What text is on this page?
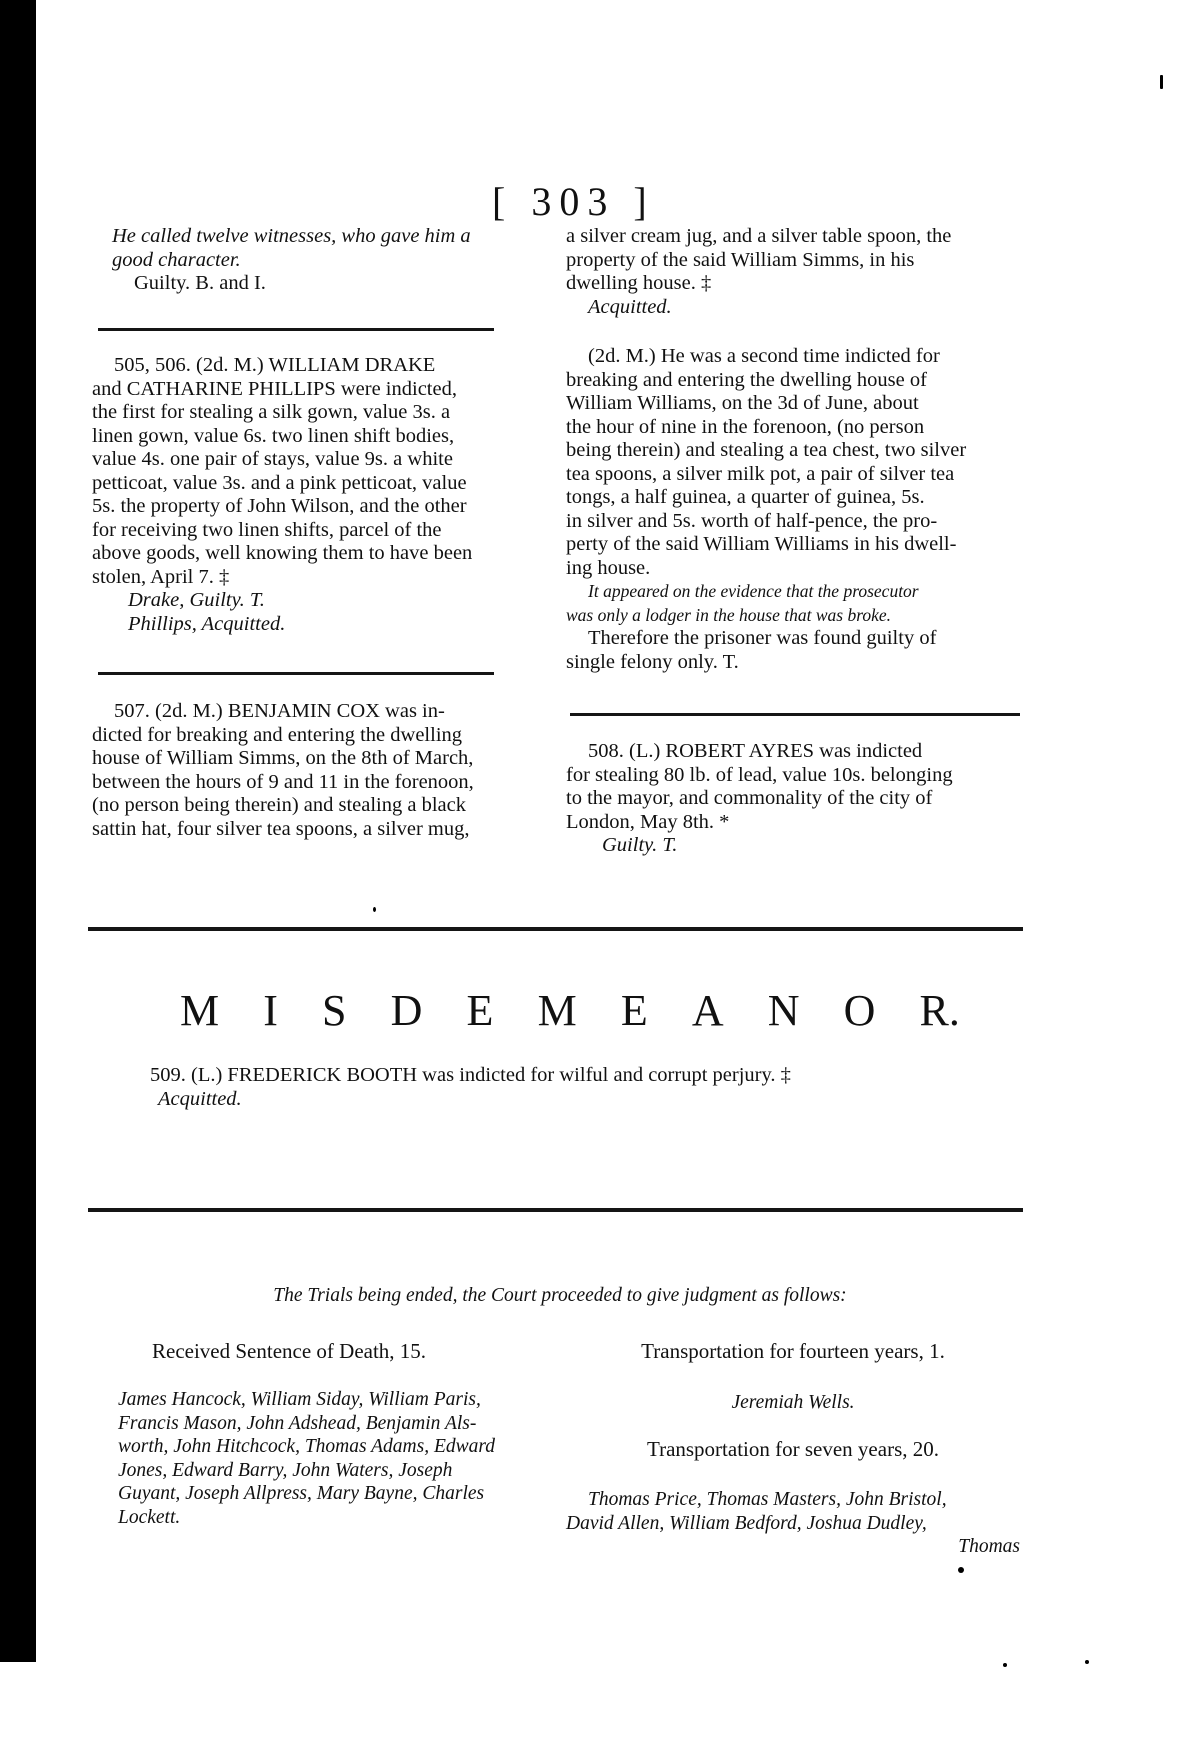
[ 303 ]

He called twelve witnesses, who gave him a

good character.

Guilty. B. and I.

505, 506. (2d. M.) WILLIAM DRAKE

and CATHARINE PHILLIPS were indicted,

the first for stealing a silk gown, value 3s. a

linen gown, value 6s. two linen shift bodies,

value 4s. one pair of stays, value 9s. a white

petticoat, value 3s. and a pink petticoat, value

5s. the property of John Wilson, and the other

for receiving two linen shifts, parcel of the

above goods, well knowing them to have been

stolen, April 7. ‡

Drake, Guilty. T.

Phillips, Acquitted.

507. (2d. M.) BENJAMIN COX was in-

dicted for breaking and entering the dwelling

house of William Simms, on the 8th of March,

between the hours of 9 and 11 in the forenoon,

(no person being therein) and stealing a black

sattin hat, four silver tea spoons, a silver mug,

a silver cream jug, and a silver table spoon, the

property of the said William Simms, in his

dwelling house. ‡

Acquitted.

(2d. M.) He was a second time indicted for

breaking and entering the dwelling house of

William Williams, on the 3d of June, about

the hour of nine in the forenoon, (no person

being therein) and stealing a tea chest, two silver

tea spoons, a silver milk pot, a pair of silver tea

tongs, a half guinea, a quarter of guinea, 5s.

in silver and 5s. worth of half-pence, the pro-

perty of the said William Williams in his dwell-

ing house.

It appeared on the evidence that the prosecutor

was only a lodger in the house that was broke.

Therefore the prisoner was found guilty of

single felony only. T.

508. (L.) ROBERT AYRES was indicted

for stealing 80 lb. of lead, value 10s. belonging

to the mayor, and commonality of the city of

London, May 8th. *

Guilty. T.

M I S D E M E A N O R.

509. (L.) FREDERICK BOOTH was indicted for wilful and corrupt perjury. ‡

Acquitted.

The Trials being ended, the Court proceeded to give judgment as follows:
Received Sentence of Death, 15.

James Hancock, William Siday, William Paris,

Francis Mason, John Adshead, Benjamin Als-

worth, John Hitchcock, Thomas Adams, Edward

Jones, Edward Barry, John Waters, Joseph

Guyant, Joseph Allpress, Mary Bayne, Charles

Lockett.

Transportation for fourteen years, 1.
Jeremiah Wells.
Transportation for seven years, 20.

Thomas Price, Thomas Masters, John Bristol,

David Allen, William Bedford, Joshua Dudley,

Thomas
